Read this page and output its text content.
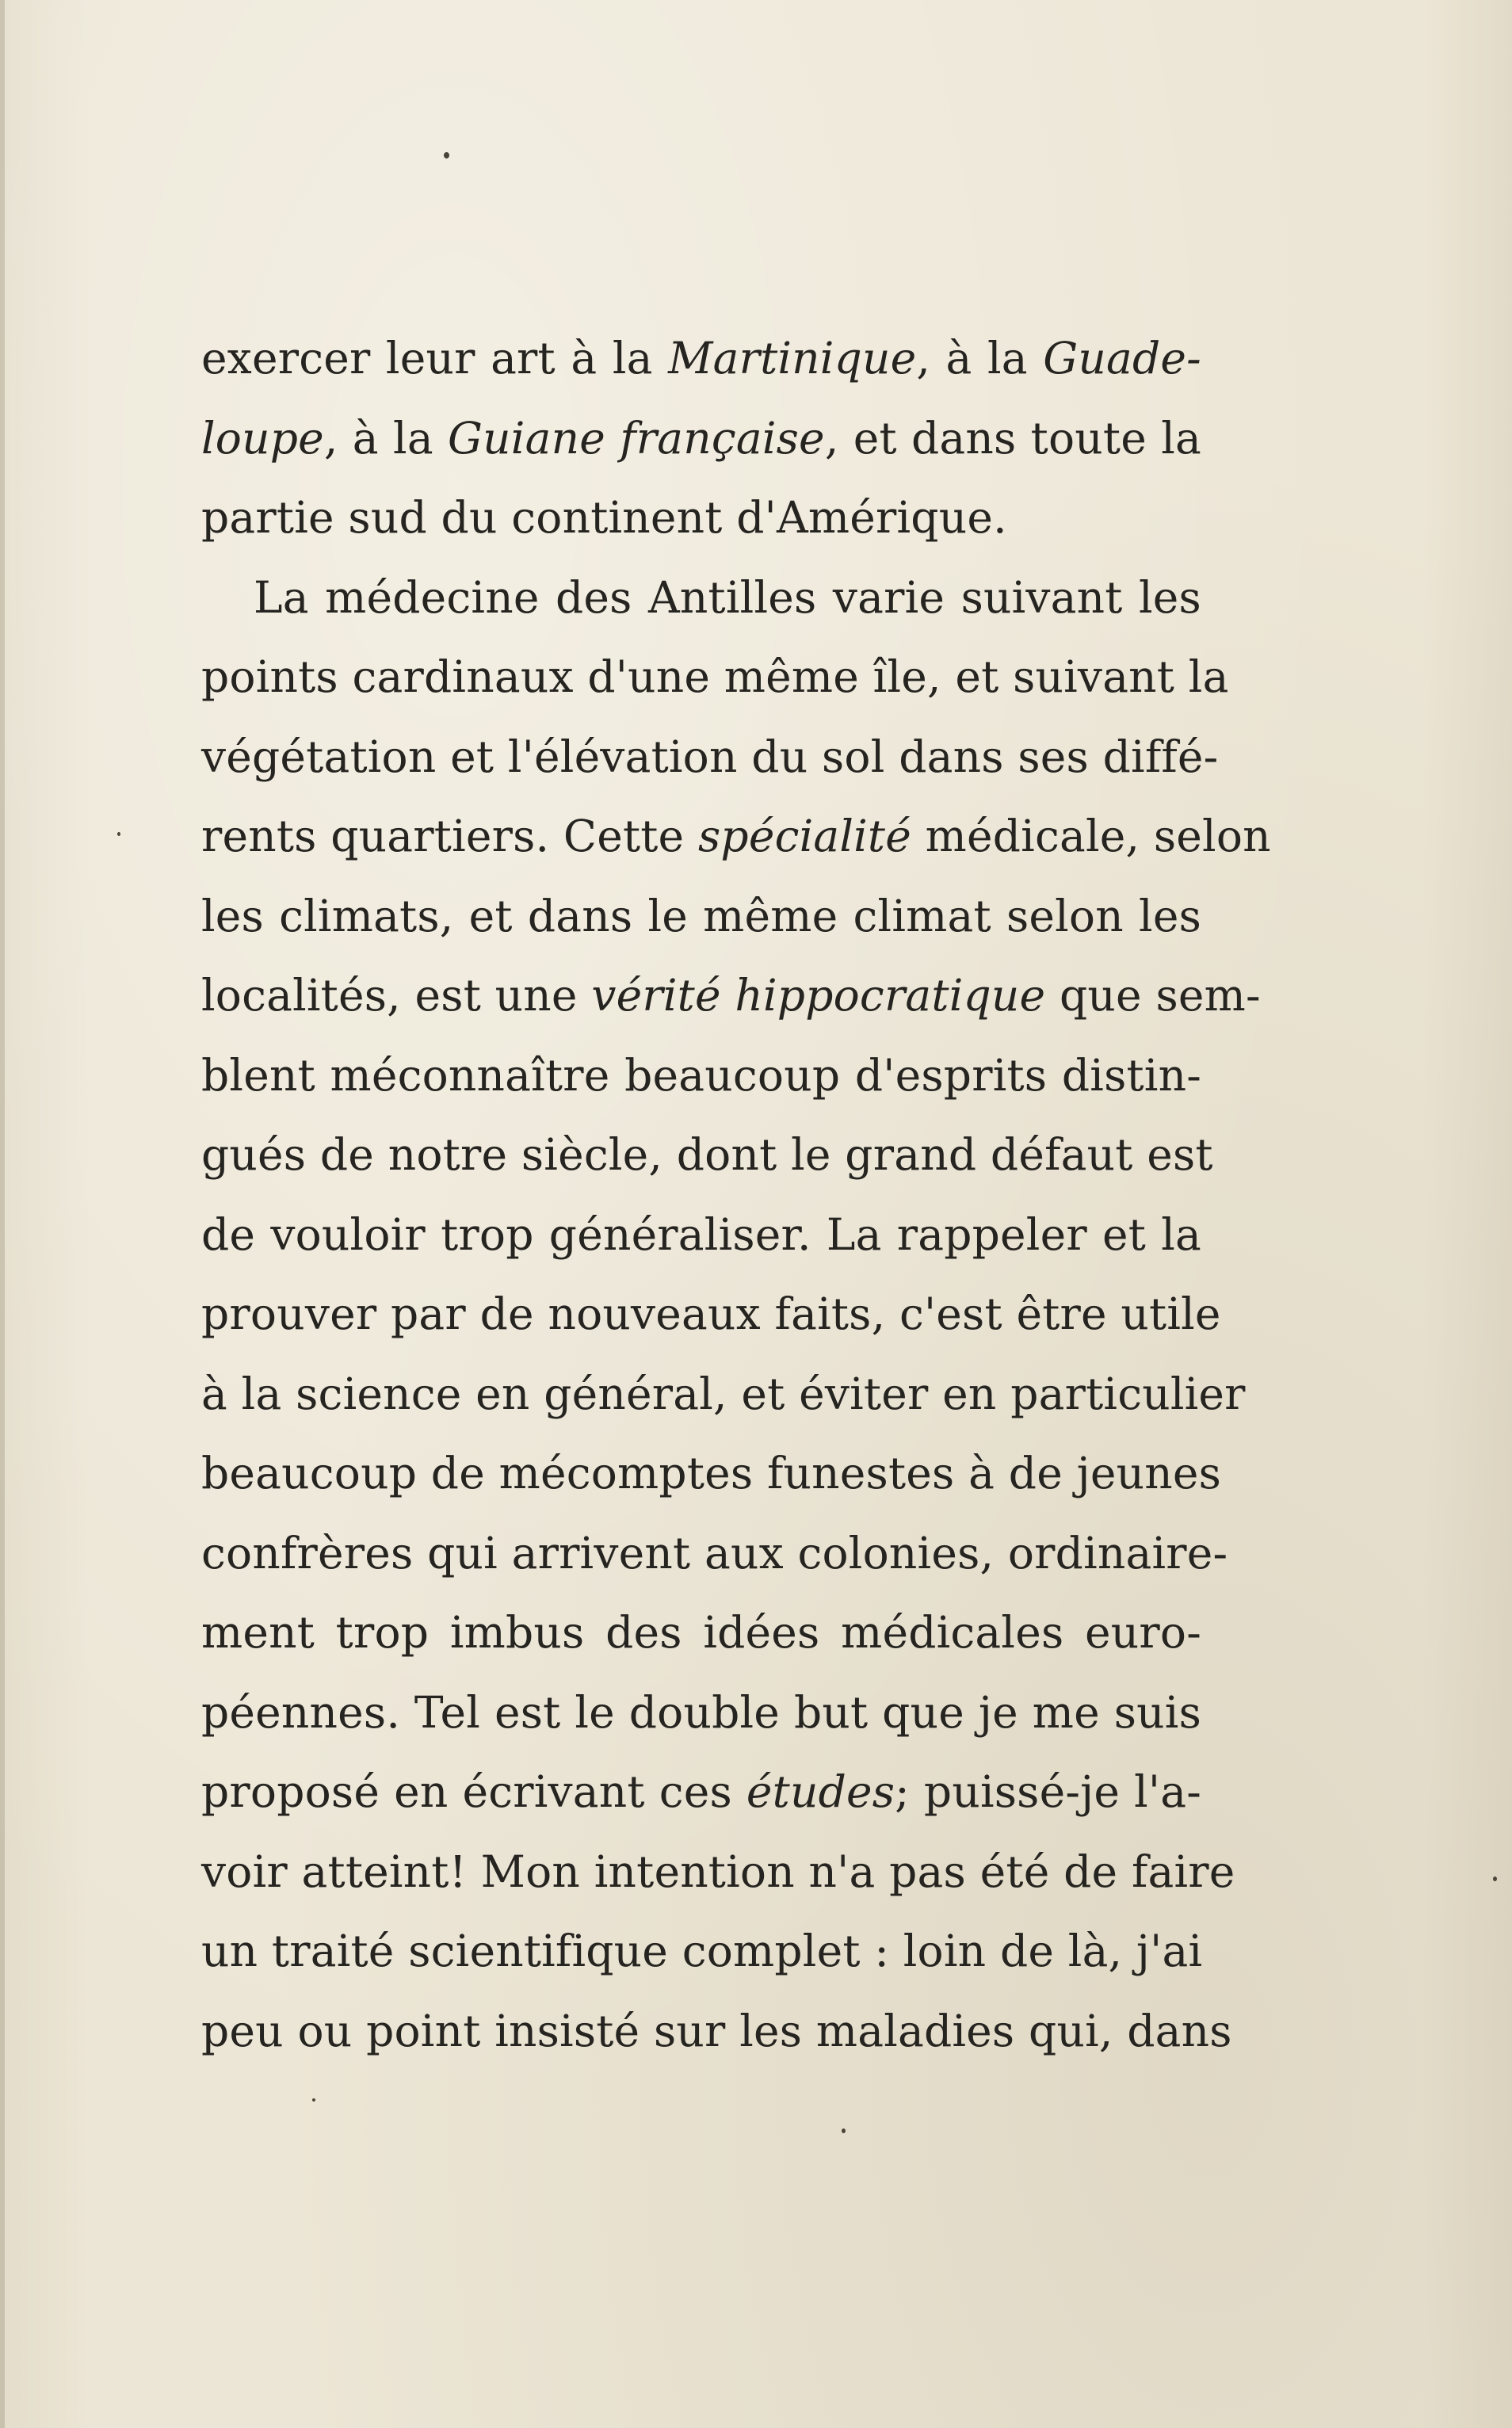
exercer leur art à la Martinique, à la Guade-
loupe, à la Guiane française, et dans toute la
partie sud du continent d'Amérique.
La médecine des Antilles varie suivant les
points cardinaux d'une même île, et suivant la
végétation et l'élévation du sol dans ses diffé-
rents quartiers. Cette spécialité médicale, selon
les climats, et dans le même climat selon les
localités, est une vérité hippocratique que sem-
blent méconnaître beaucoup d'esprits distin-
gués de notre siècle, dont le grand défaut est
de vouloir trop généraliser. La rappeler et la
prouver par de nouveaux faits, c'est être utile
à la science en général, et éviter en particulier
beaucoup de mécomptes funestes à de jeunes
confrères qui arrivent aux colonies, ordinaire-
ment trop imbus des idées médicales euro-
péennes. Tel est le double but que je me suis
proposé en écrivant ces études; puissé-je l'a-
voir atteint! Mon intention n'a pas été de faire
un traité scientifique complet : loin de là, j'ai
peu ou point insisté sur les maladies qui, dans
